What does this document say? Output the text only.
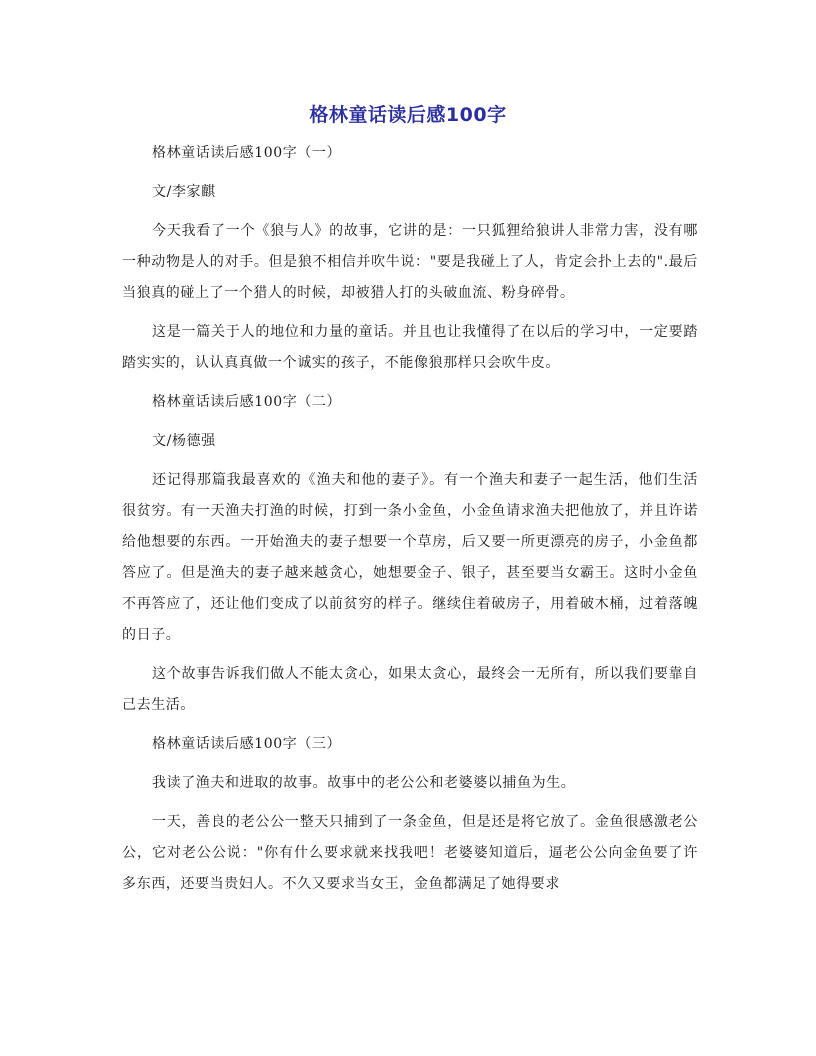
格林童话读后感100字

格林童话读后感100字（一）

文/李家麒

今天我看了一个《狼与人》的故事，它讲的是：一只狐狸给狼讲人非常力害，没有哪一种动物是人的对手。但是狼不相信并吹牛说："要是我碰上了人，肯定会扑上去的".最后当狼真的碰上了一个猎人的时候，却被猎人打的头破血流、粉身碎骨。

这是一篇关于人的地位和力量的童话。并且也让我懂得了在以后的学习中，一定要踏踏实实的，认认真真做一个诚实的孩子，不能像狼那样只会吹牛皮。

格林童话读后感100字（二）

文/杨德强

还记得那篇我最喜欢的《渔夫和他的妻子》。有一个渔夫和妻子一起生活，他们生活很贫穷。有一天渔夫打渔的时候，打到一条小金鱼，小金鱼请求渔夫把他放了，并且许诺给他想要的东西。一开始渔夫的妻子想要一个草房，后又要一所更漂亮的房子，小金鱼都答应了。但是渔夫的妻子越来越贪心，她想要金子、银子，甚至要当女霸王。这时小金鱼不再答应了，还让他们变成了以前贫穷的样子。继续住着破房子，用着破木桶，过着落魄的日子。

这个故事告诉我们做人不能太贪心，如果太贪心，最终会一无所有，所以我们要靠自己去生活。

格林童话读后感100字（三）

我读了渔夫和进取的故事。故事中的老公公和老婆婆以捕鱼为生。

一天，善良的老公公一整天只捕到了一条金鱼，但是还是将它放了。金鱼很感激老公公，它对老公公说："你有什么要求就来找我吧！老婆婆知道后，逼老公公向金鱼要了许多东西，还要当贵妇人。不久又要求当女王，金鱼都满足了她得要求
